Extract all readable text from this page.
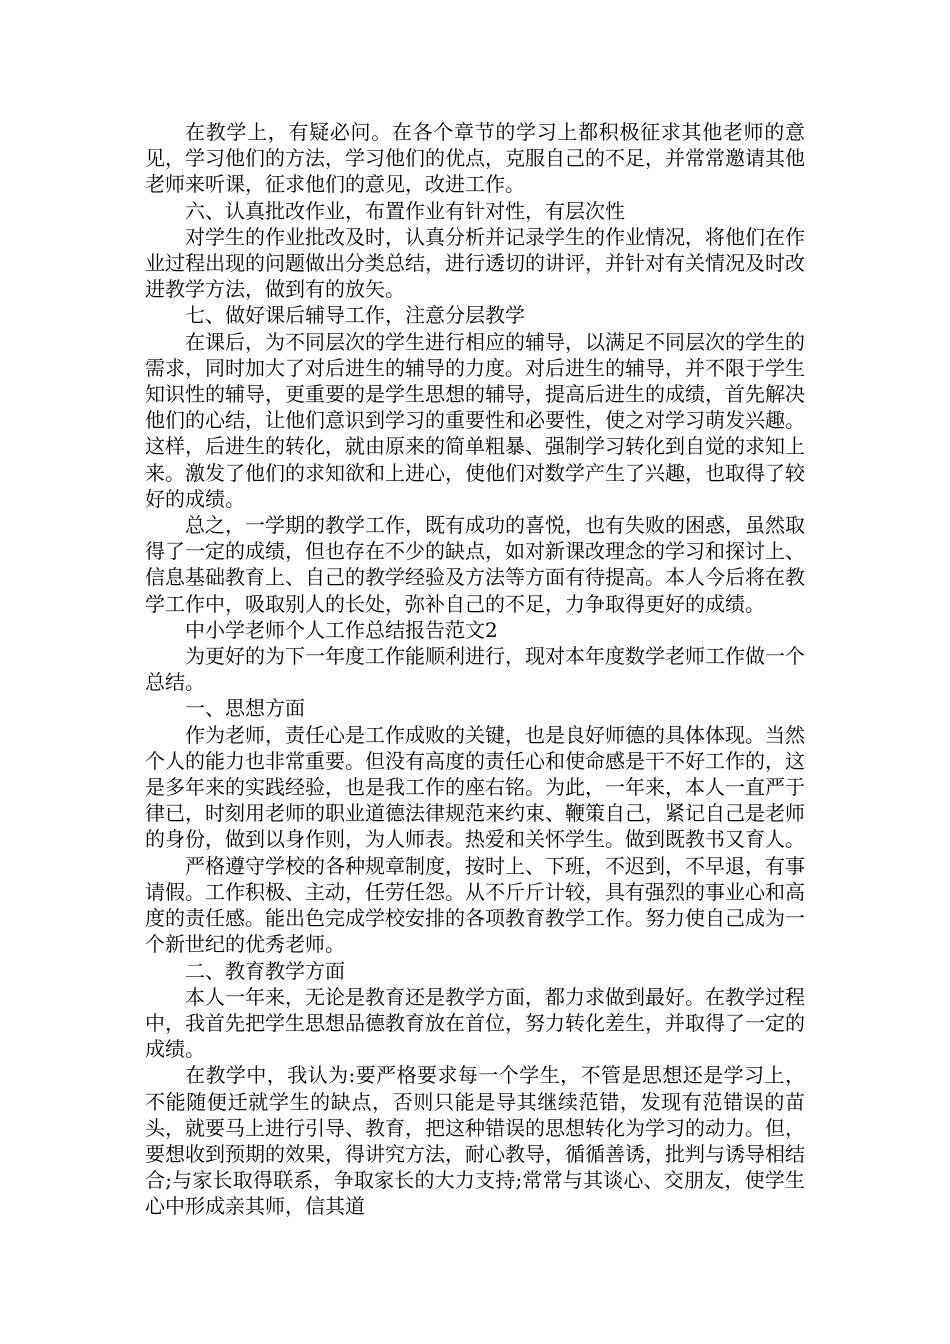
在教学上，有疑必问。在各个章节的学习上都积极征求其他老师的意见，学习他们的方法，学习他们的优点，克服自己的不足，并常常邀请其他老师来听课，征求他们的意见，改进工作。

六、认真批改作业，布置作业有针对性，有层次性

对学生的作业批改及时，认真分析并记录学生的作业情况，将他们在作业过程出现的问题做出分类总结，进行透切的讲评，并针对有关情况及时改进教学方法，做到有的放矢。

七、做好课后辅导工作，注意分层教学

在课后，为不同层次的学生进行相应的辅导，以满足不同层次的学生的需求，同时加大了对后进生的辅导的力度。对后进生的辅导，并不限于学生知识性的辅导，更重要的是学生思想的辅导，提高后进生的成绩，首先解决他们的心结，让他们意识到学习的重要性和必要性，使之对学习萌发兴趣。这样，后进生的转化，就由原来的简单粗暴、强制学习转化到自觉的求知上来。激发了他们的求知欲和上进心，使他们对数学产生了兴趣，也取得了较好的成绩。

总之，一学期的教学工作，既有成功的喜悦，也有失败的困惑，虽然取得了一定的成绩，但也存在不少的缺点，如对新课改理念的学习和探讨上、信息基础教育上、自己的教学经验及方法等方面有待提高。本人今后将在教学工作中，吸取别人的长处，弥补自己的不足，力争取得更好的成绩。

中小学老师个人工作总结报告范文2

为更好的为下一年度工作能顺利进行，现对本年度数学老师工作做一个总结。

一、思想方面

作为老师，责任心是工作成败的关键，也是良好师德的具体体现。当然个人的能力也非常重要。但没有高度的责任心和使命感是干不好工作的，这是多年来的实践经验，也是我工作的座右铭。为此，一年来，本人一直严于律已，时刻用老师的职业道德法律规范来约束、鞭策自己，紧记自己是老师的身份，做到以身作则，为人师表。热爱和关怀学生。做到既教书又育人。

严格遵守学校的各种规章制度，按时上、下班，不迟到，不早退，有事请假。工作积极、主动，任劳任怨。从不斤斤计较，具有强烈的事业心和高度的责任感。能出色完成学校安排的各项教育教学工作。努力使自己成为一个新世纪的优秀老师。

二、教育教学方面

本人一年来，无论是教育还是教学方面，都力求做到最好。在教学过程中，我首先把学生思想品德教育放在首位，努力转化差生，并取得了一定的成绩。

在教学中，我认为:要严格要求每一个学生，不管是思想还是学习上，不能随便迁就学生的缺点，否则只能是导其继续范错，发现有范错误的苗头，就要马上进行引导、教育，把这种错误的思想转化为学习的动力。但，要想收到预期的效果，得讲究方法，耐心教导，循循善诱，批判与诱导相结合;与家长取得联系，争取家长的大力支持;常常与其谈心、交朋友，使学生心中形成亲其师，信其道
